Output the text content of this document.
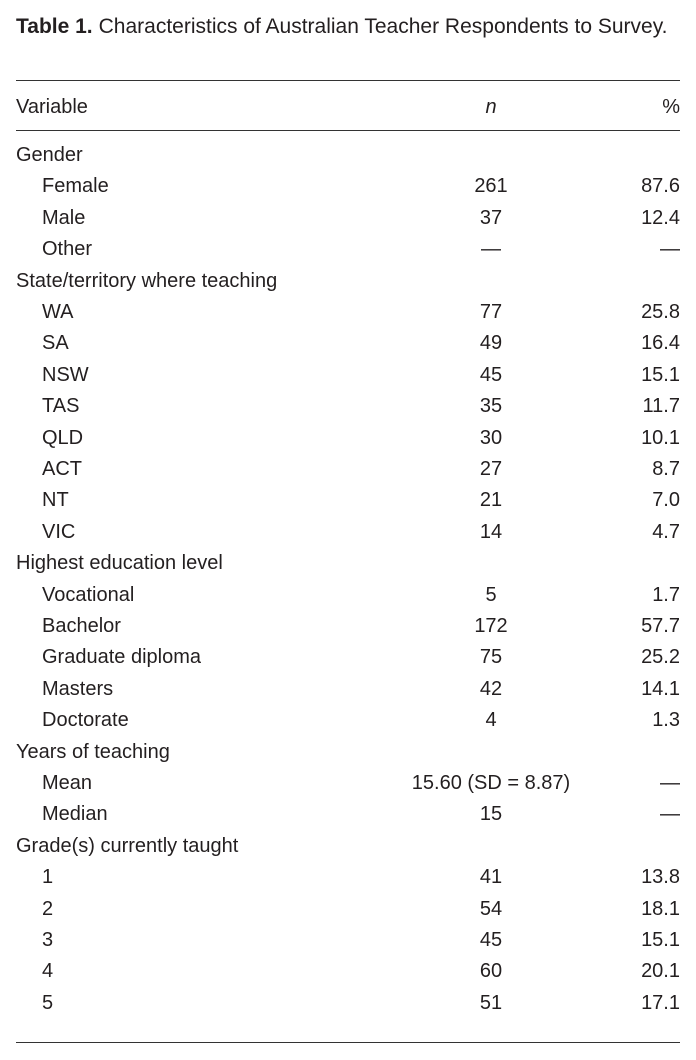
Table 1. Characteristics of Australian Teacher Respondents to Survey.
Variable	n	%
Gender
Female	261	87.6
Male	37	12.4
Other	—	—
State/territory where teaching
WA	77	25.8
SA	49	16.4
NSW	45	15.1
TAS	35	11.7
QLD	30	10.1
ACT	27	8.7
NT	21	7.0
VIC	14	4.7
Highest education level
Vocational	5	1.7
Bachelor	172	57.7
Graduate diploma	75	25.2
Masters	42	14.1
Doctorate	4	1.3
Years of teaching
Mean	15.60 (SD = 8.87)	—
Median	15	—
Grade(s) currently taught
1	41	13.8
2	54	18.1
3	45	15.1
4	60	20.1
5	51	17.1
